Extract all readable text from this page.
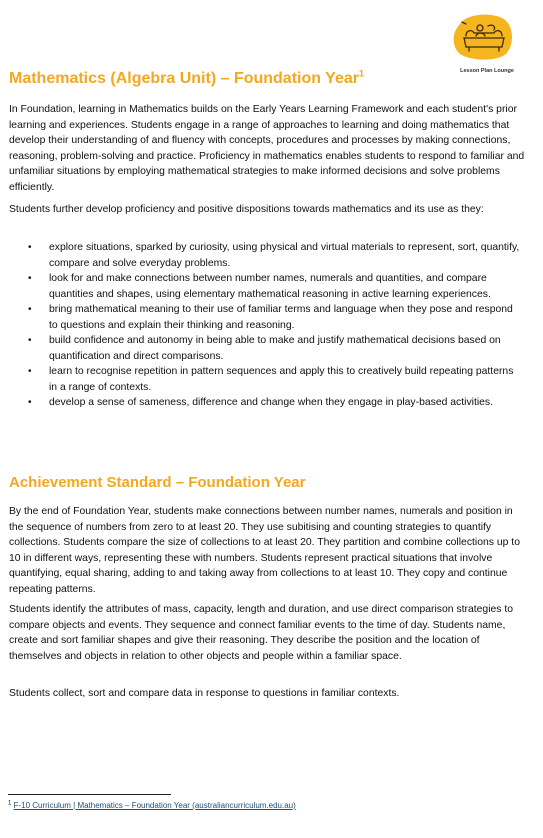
Lesson Plan Lounge
Mathematics (Algebra Unit) – Foundation Year$^1$

In Foundation, learning in Mathematics builds on the Early Years Learning Framework and each student's prior learning and experiences. Students engage in a range of approaches to learning and doing mathematics that develop their understanding of and fluency with concepts, procedures and processes by making connections, reasoning, problem-solving and practice. Proficiency in mathematics enables students to respond to familiar and unfamiliar situations by employing mathematical strategies to make informed decisions and solve problems efficiently.

Students further develop proficiency and positive dispositions towards mathematics and its use as they:

• explore situations, sparked by curiosity, using physical and virtual materials to represent, sort, quantify, compare and solve everyday problems.
• look for and make connections between number names, numerals and quantities, and compare quantities and shapes, using elementary mathematical reasoning in active learning experiences.
• bring mathematical meaning to their use of familiar terms and language when they pose and respond to questions and explain their thinking and reasoning.
• build confidence and autonomy in being able to make and justify mathematical decisions based on quantification and direct comparisons.
• learn to recognise repetition in pattern sequences and apply this to creatively build repeating patterns in a range of contexts.
• develop a sense of sameness, difference and change when they engage in play-based activities.
Achievement Standard – Foundation Year

By the end of Foundation Year, students make connections between number names, numerals and position in the sequence of numbers from zero to at least 20. They use subitising and counting strategies to quantify collections. Students compare the size of collections to at least 20. They partition and combine collections up to 10 in different ways, representing these with numbers. Students represent practical situations that involve quantifying, equal sharing, adding to and taking away from collections to at least 10. They copy and continue repeating patterns.

Students identify the attributes of mass, capacity, length and duration, and use direct comparison strategies to compare objects and events. They sequence and connect familiar events to the time of day. Students name, create and sort familiar shapes and give their reasoning. They describe the position and the location of themselves and objects in relation to other objects and people within a familiar space.

Students collect, sort and compare data in response to questions in familiar contexts.

$^1$ F-10 Curriculum | Mathematics – Foundation Year (australiancurriculum.edu.au)
